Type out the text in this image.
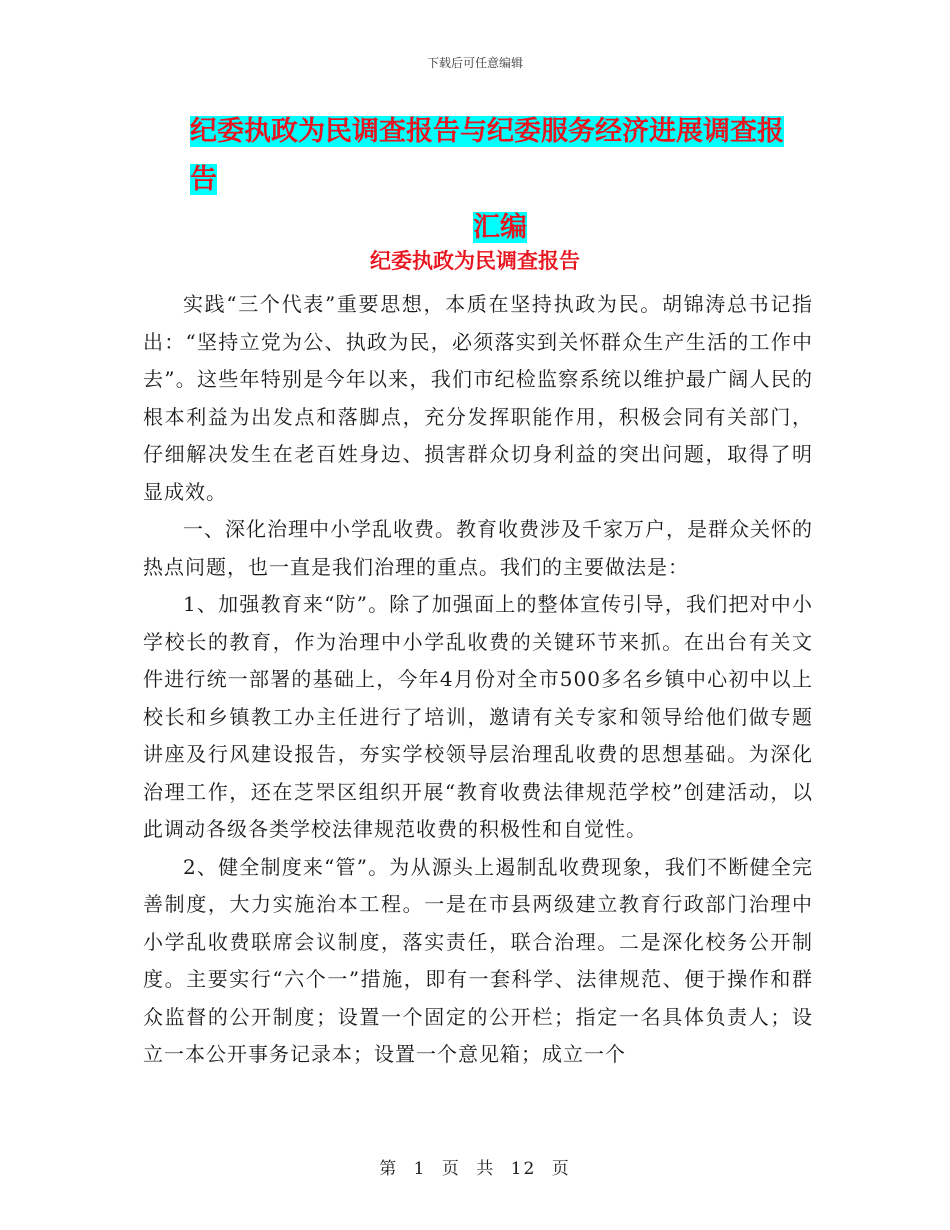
下载后可任意编辑
纪委执政为民调查报告与纪委服务经济进展调查报告
汇编
纪委执政为民调查报告

实践“三个代表”重要思想，本质在坚持执政为民。胡锦涛总书记指出：“坚持立党为公、执政为民，必须落实到关怀群众生产生活的工作中去”。这些年特别是今年以来，我们市纪检监察系统以维护最广阔人民的根本利益为出发点和落脚点，充分发挥职能作用，积极会同有关部门，仔细解决发生在老百姓身边、损害群众切身利益的突出问题，取得了明显成效。

一、深化治理中小学乱收费。教育收费涉及千家万户，是群众关怀的热点问题，也一直是我们治理的重点。我们的主要做法是：

1、加强教育来“防”。除了加强面上的整体宣传引导，我们把对中小学校长的教育，作为治理中小学乱收费的关键环节来抓。在出台有关文件进行统一部署的基础上，今年4月份对全市500多名乡镇中心初中以上校长和乡镇教工办主任进行了培训，邀请有关专家和领导给他们做专题讲座及行风建设报告，夯实学校领导层治理乱收费的思想基础。为深化治理工作，还在芝罘区组织开展“教育收费法律规范学校”创建活动，以此调动各级各类学校法律规范收费的积极性和自觉性。

2、健全制度来“管”。为从源头上遏制乱收费现象，我们不断健全完善制度，大力实施治本工程。一是在市县两级建立教育行政部门治理中小学乱收费联席会议制度，落实责任，联合治理。二是深化校务公开制度。主要实行“六个一”措施，即有一套科学、法律规范、便于操作和群众监督的公开制度；设置一个固定的公开栏；指定一名具体负责人；设立一本公开事务记录本；设置一个意见箱；成立一个

第 1 页 共 12 页
